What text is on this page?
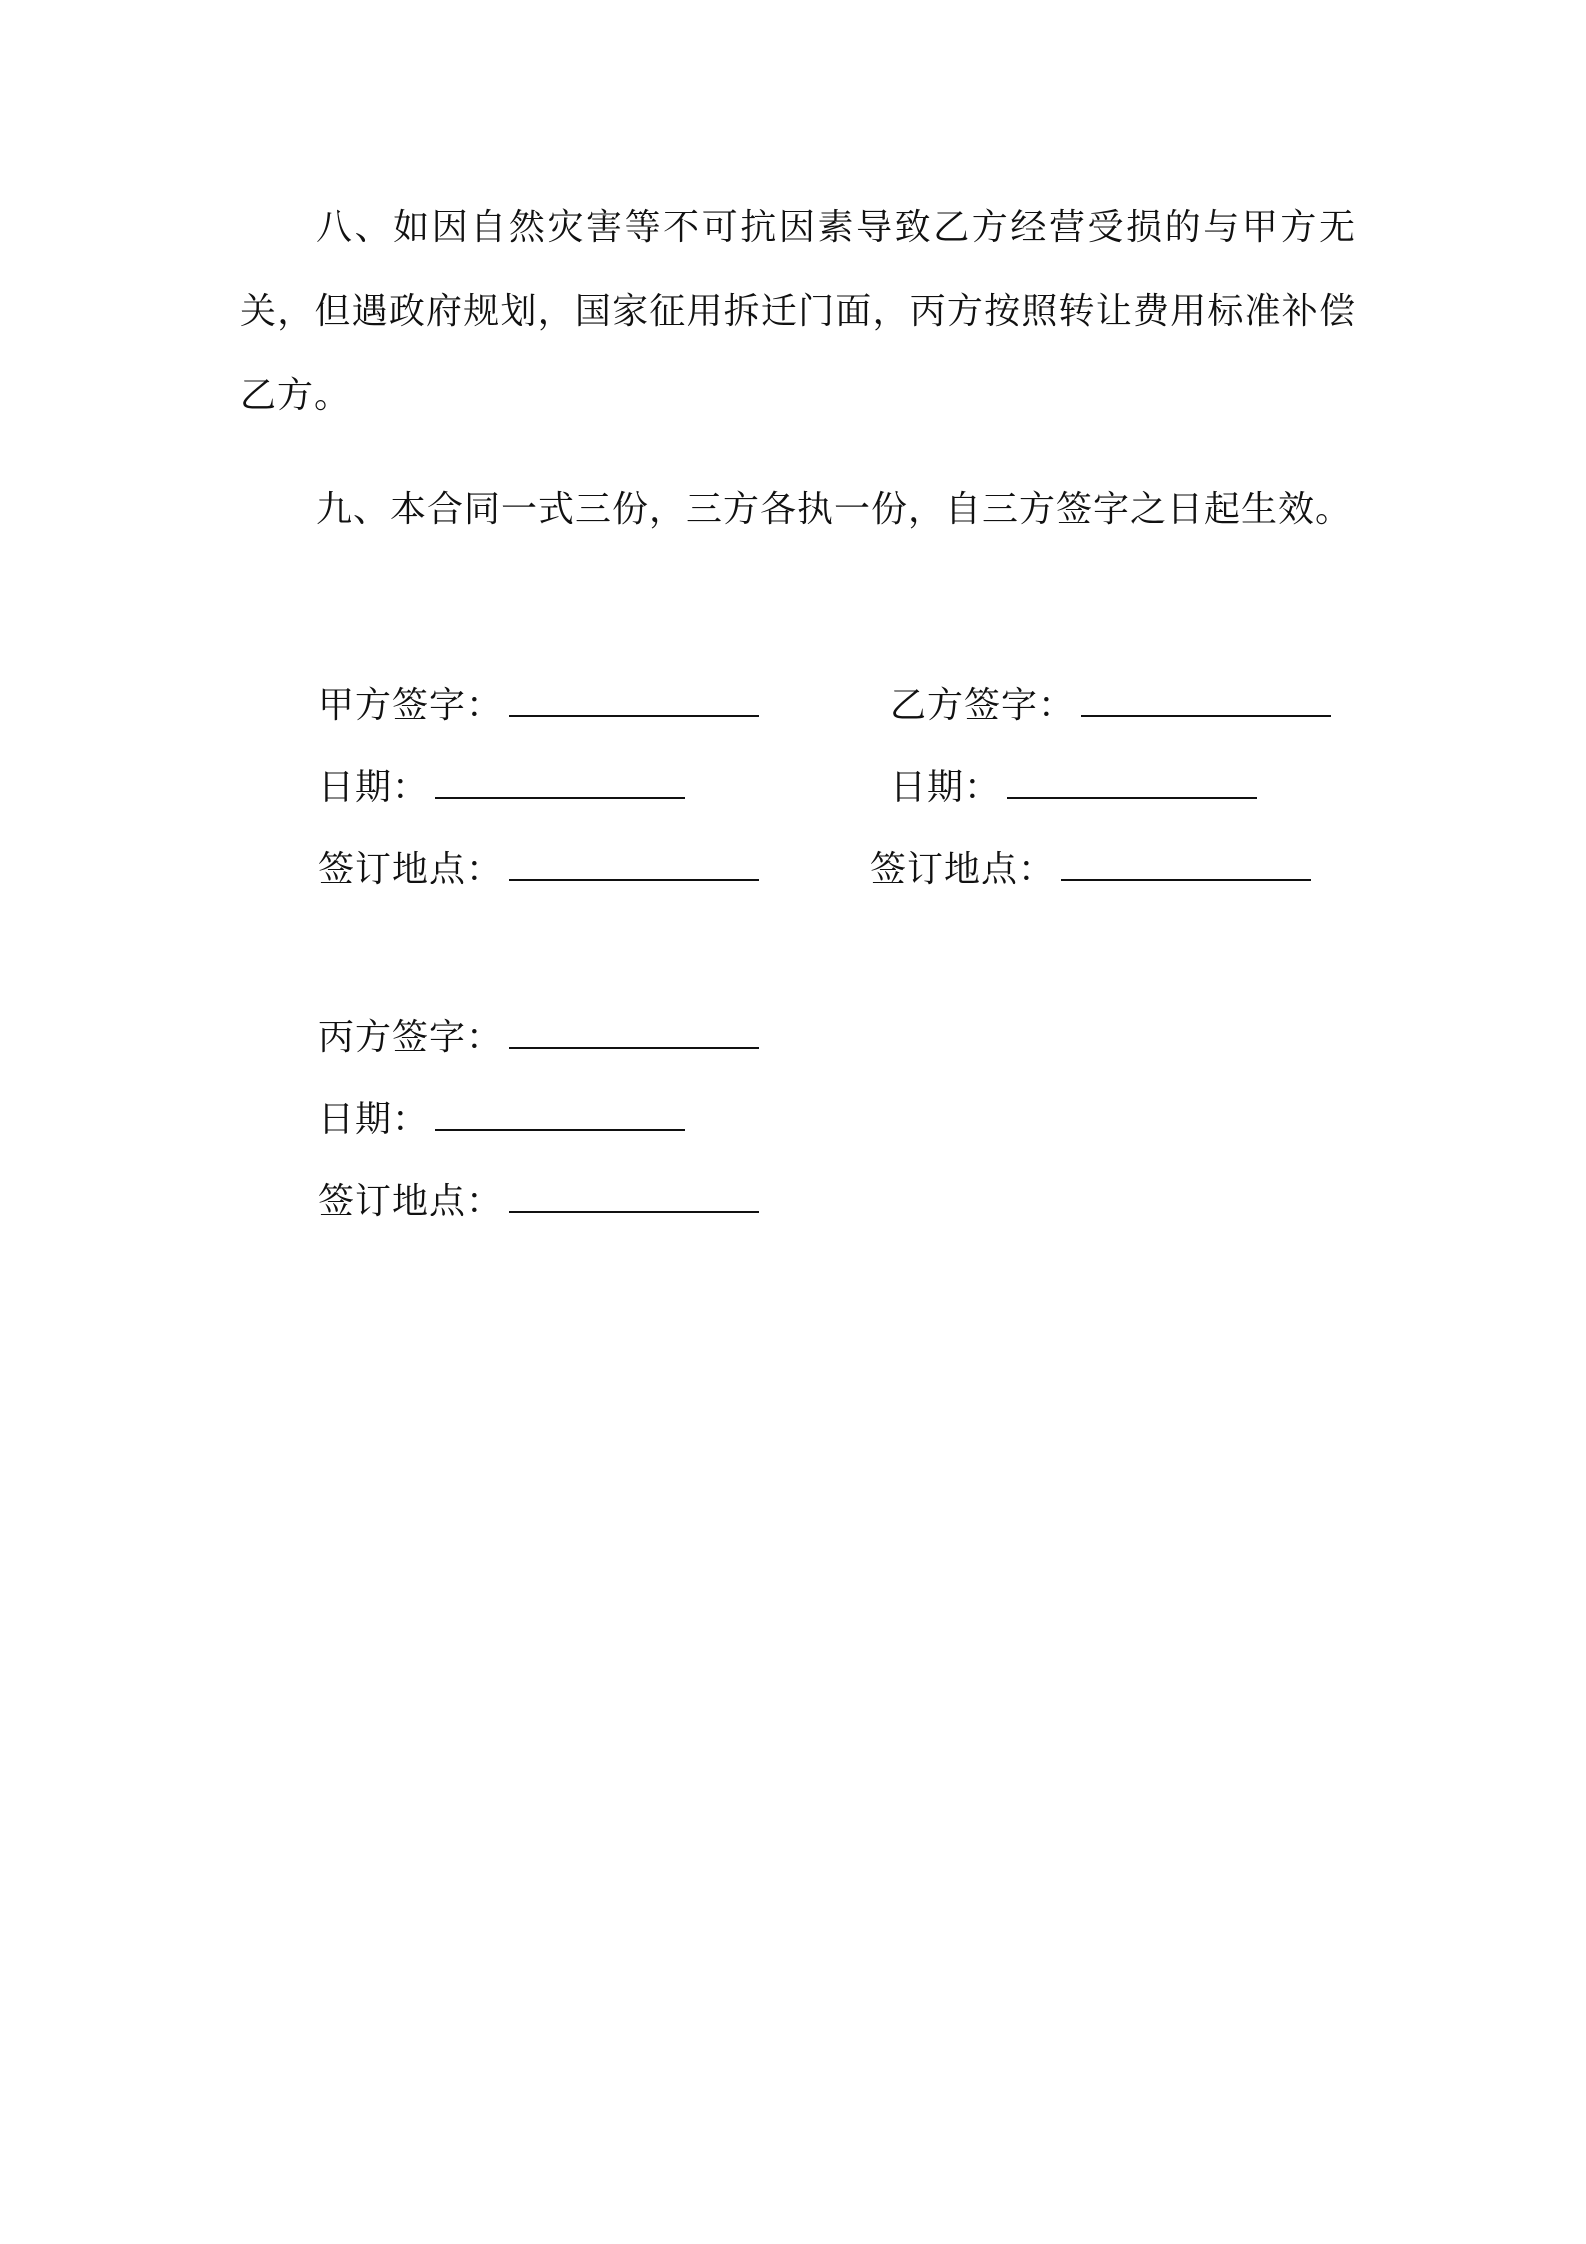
八、如因自然灾害等不可抗因素导致乙方经营受损的与甲方无关，但遇政府规划，国家征用拆迁门面，丙方按照转让费用标准补偿乙方。

九、本合同一式三份，三方各执一份，自三方签字之日起生效。

甲方签字：
日期：
签订地点：
乙方签字：
日期：
签订地点：
丙方签字：
日期：
签订地点：
